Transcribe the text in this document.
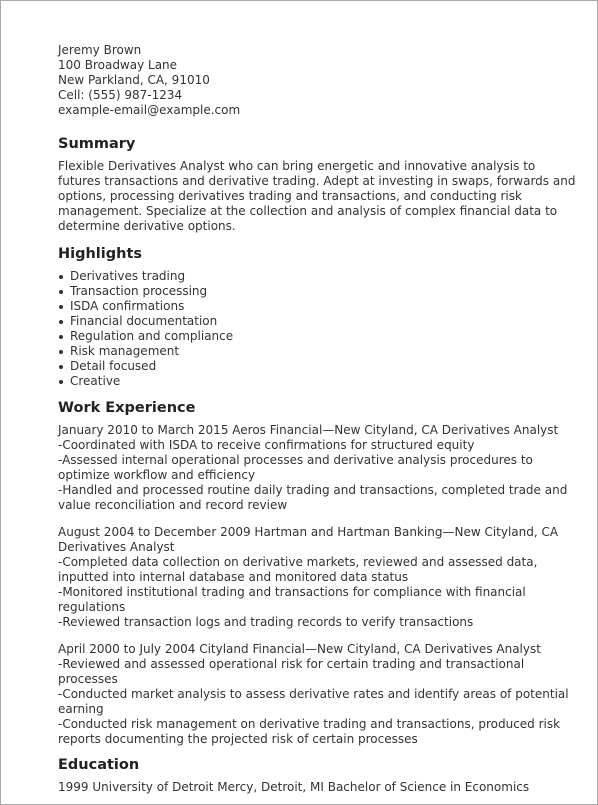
Jeremy Brown
100 Broadway Lane
New Parkland, CA, 91010
Cell: (555) 987-1234
example-email@example.com
Summary

Flexible Derivatives Analyst who can bring energetic and innovative analysis to futures transactions and derivative trading. Adept at investing in swaps, forwards and options, processing derivatives trading and transactions, and conducting risk management. Specialize at the collection and analysis of complex financial data to determine derivative options.

Highlights
Derivatives trading
Transaction processing
ISDA confirmations
Financial documentation
Regulation and compliance
Risk management
Detail focused
Creative
Work Experience
January 2010 to March 2015 Aeros Financial—New Cityland, CA Derivatives Analyst
-Coordinated with ISDA to receive confirmations for structured equity
-Assessed internal operational processes and derivative analysis procedures to optimize workflow and efficiency
-Handled and processed routine daily trading and transactions, completed trade and value reconciliation and record review
August 2004 to December 2009 Hartman and Hartman Banking—New Cityland, CA Derivatives Analyst
-Completed data collection on derivative markets, reviewed and assessed data, inputted into internal database and monitored data status
-Monitored institutional trading and transactions for compliance with financial regulations
-Reviewed transaction logs and trading records to verify transactions
April 2000 to July 2004 Cityland Financial—New Cityland, CA Derivatives Analyst
-Reviewed and assessed operational risk for certain trading and transactional processes
-Conducted market analysis to assess derivative rates and identify areas of potential earning
-Conducted risk management on derivative trading and transactions, produced risk reports documenting the projected risk of certain processes
Education

1999 University of Detroit Mercy, Detroit, MI Bachelor of Science in Economics
